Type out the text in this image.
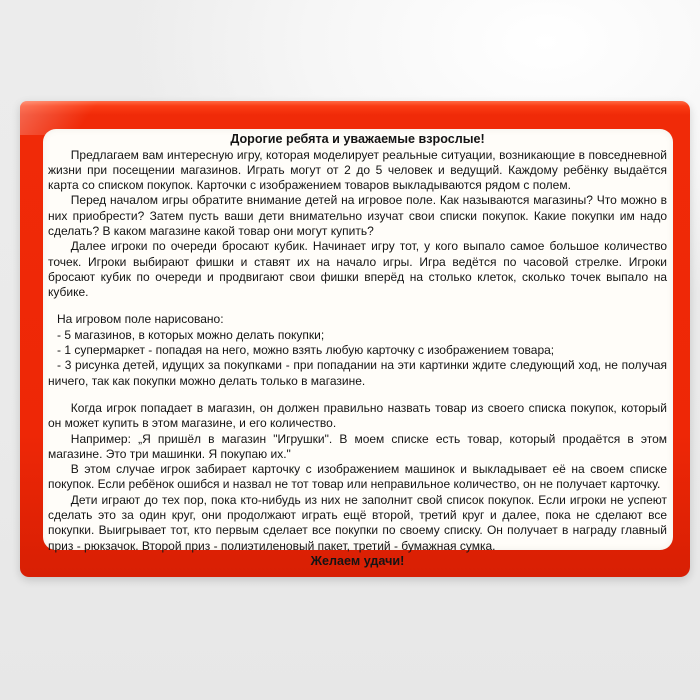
Дорогие ребята и уважаемые взрослые!

Предлагаем вам интересную игру, которая моделирует реальные ситуации, возникающие в повседневной жизни при посещении магазинов. Играть могут от 2 до 5 человек и ведущий. Каждому ребёнку выдаётся карта со списком покупок. Карточки с изображением товаров выкладываются рядом с полем.

Перед началом игры обратите внимание детей на игровое поле. Как называются магазины? Что можно в них приобрести? Затем пусть ваши дети внимательно изучат свои списки покупок. Какие покупки им надо сделать? В каком магазине какой товар они могут купить?

Далее игроки по очереди бросают кубик. Начинает игру тот, у кого выпало самое большое количество точек. Игроки выбирают фишки и ставят их на начало игры. Игра ведётся по часовой стрелке. Игроки бросают кубик по очереди и продвигают свои фишки вперёд на столько клеток, сколько точек выпало на кубике.

На игровом поле нарисовано:

- 5 магазинов, в которых можно делать покупки;

- 1 супермаркет - попадая на него, можно взять любую карточку с изображением товара;

- 3 рисунка детей, идущих за покупками - при попадании на эти картинки ждите следующий ход, не получая ничего, так как покупки можно делать только в магазине.

Когда игрок попадает в магазин, он должен правильно назвать товар из своего списка покупок, который он может купить в этом магазине, и его количество.

Например: „Я пришёл в магазин "Игрушки". В моем списке есть товар, который продаётся в этом магазине. Это три машинки. Я покупаю их."

В этом случае игрок забирает карточку с изображением машинок и выкладывает её на своем списке покупок. Если ребёнок ошибся и назвал не тот товар или неправильное количество, он не получает карточку.

Дети играют до тех пор, пока кто-нибудь из них не заполнит свой список покупок. Если игроки не успеют сделать это за один круг, они продолжают играть ещё второй, третий круг и далее, пока не сделают все покупки. Выигрывает тот, кто первым сделает все покупки по своему списку. Он получает в награду главный приз - рюкзачок. Второй приз - полиэтиленовый пакет, третий - бумажная сумка.

Желаем удачи!
